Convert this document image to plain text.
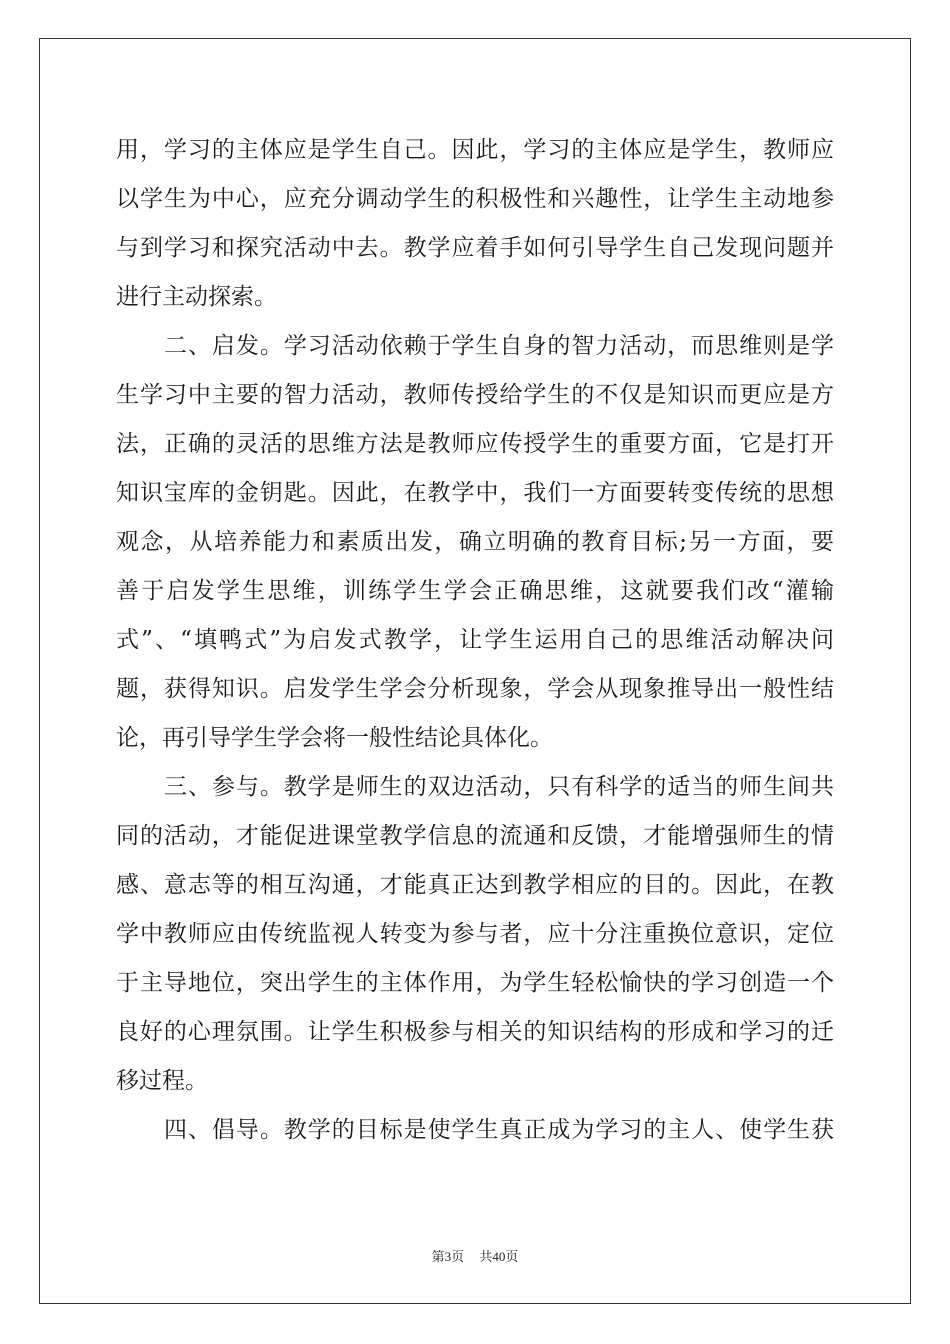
用，学习的主体应是学生自己。因此，学习的主体应是学生，教师应
以学生为中心，应充分调动学生的积极性和兴趣性，让学生主动地参
与到学习和探究活动中去。教学应着手如何引导学生自己发现问题并
进行主动探索。
二、启发。学习活动依赖于学生自身的智力活动，而思维则是学
生学习中主要的智力活动，教师传授给学生的不仅是知识而更应是方
法，正确的灵活的思维方法是教师应传授学生的重要方面，它是打开
知识宝库的金钥匙。因此，在教学中，我们一方面要转变传统的思想
观念，从培养能力和素质出发，确立明确的教育目标;另一方面，要
善于启发学生思维，训练学生学会正确思维，这就要我们改“灌输
式”、“填鸭式”为启发式教学，让学生运用自己的思维活动解决问
题，获得知识。启发学生学会分析现象，学会从现象推导出一般性结
论，再引导学生学会将一般性结论具体化。
三、参与。教学是师生的双边活动，只有科学的适当的师生间共
同的活动，才能促进课堂教学信息的流通和反馈，才能增强师生的情
感、意志等的相互沟通，才能真正达到教学相应的目的。因此，在教
学中教师应由传统监视人转变为参与者，应十分注重换位意识，定位
于主导地位，突出学生的主体作用，为学生轻松愉快的学习创造一个
良好的心理氛围。让学生积极参与相关的知识结构的形成和学习的迁
移过程。
四、倡导。教学的目标是使学生真正成为学习的主人、使学生获
第3页 共40页
